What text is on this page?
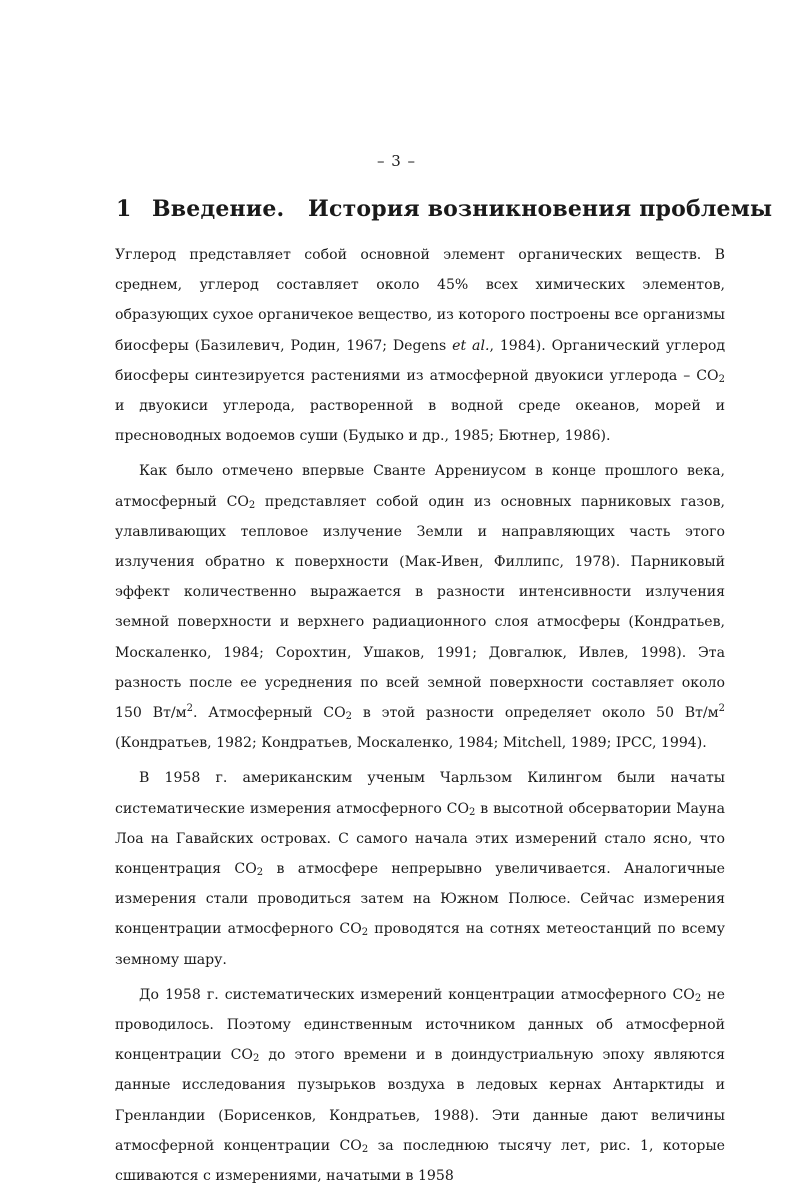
– 3 –
1 Введение.   История возникновения проблемы

Углерод представляет собой основной элемент органических веществ. В среднем, углерод составляет около 45% всех химических элементов, образующих сухое органичекое вещество, из которого построены все организмы биосферы (Базилевич, Родин, 1967; Degens et al., 1984). Органический углерод биосферы синтезируется растениями из атмосферной двуокиси углерода – $CO_2$ и двуокиси углерода, растворенной в водной среде океанов, морей и пресноводных водоемов суши (Будыко и др., 1985; Бютнер, 1986).

Как было отмечено впервые Сванте Аррениусом в конце прошлого века, атмосферный $CO_2$ представляет собой один из основных парниковых газов, улавливающих тепловое излучение Земли и направляющих часть этого излучения обратно к поверхности (Мак-Ивен, Филлипс, 1978). Парниковый эффект количественно выражается в разности интенсивности излучения земной поверхности и верхнего радиационного слоя атмосферы (Кондратьев, Москаленко, 1984; Сорохтин, Ушаков, 1991; Довгалюк, Ивлев, 1998). Эта разность после ее усреднения по всей земной поверхности составляет около 150 $Вт/м^2$. Атмосферный $CO_2$ в этой разности определяет около 50 $Вт/м^2$ (Кондратьев, 1982; Кондратьев, Москаленко, 1984; Mitchell, 1989; IPCC, 1994).

В 1958 г. американским ученым Чарльзом Килингом были начаты систематические измерения атмосферного $CO_2$ в высотной обсерватории Мауна Лоа на Гавайских островах. С самого начала этих измерений стало ясно, что концентрация $CO_2$ в атмосфере непрерывно увеличивается. Аналогичные измерения стали проводиться затем на Южном Полюсе. Сейчас измерения концентрации атмосферного $CO_2$ проводятся на сотнях метеостанций по всему земному шару.

До 1958 г. систематических измерений концентрации атмосферного $CO_2$ не проводилось. Поэтому единственным источником данных об атмосферной концентрации $CO_2$ до этого времени и в доиндустриальную эпоху являются данные исследования пузырьков воздуха в ледовых кернах Антарктиды и Гренландии (Борисенков, Кондратьев, 1988). Эти данные дают величины атмосферной концентрации $CO_2$ за последнюю тысячу лет, рис. 1, которые сшиваются с измерениями, начатыми в 1958
